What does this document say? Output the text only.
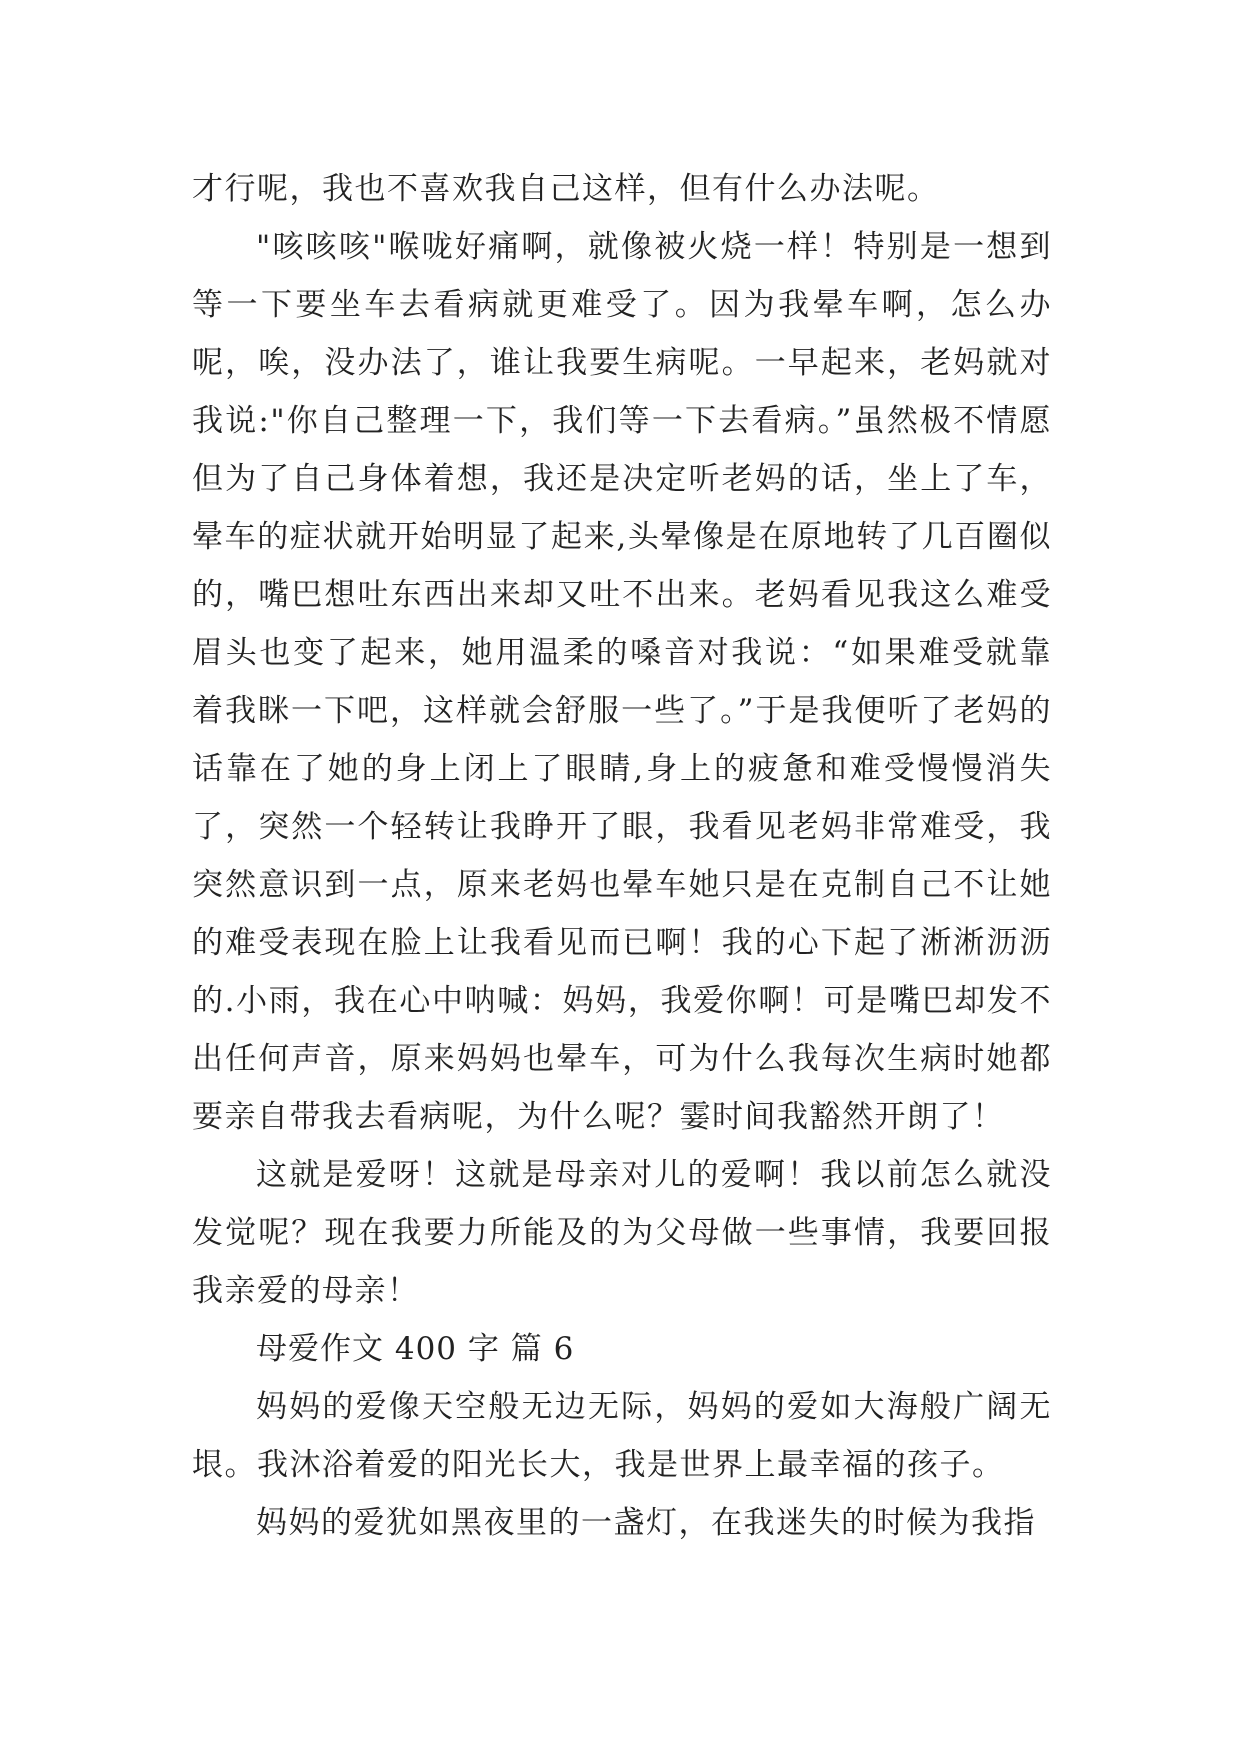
才行呢，我也不喜欢我自己这样，但有什么办法呢。

"咳咳咳"喉咙好痛啊，就像被火烧一样！特别是一想到等一下要坐车去看病就更难受了。因为我晕车啊，怎么办呢，唉，没办法了，谁让我要生病呢。一早起来，老妈就对我说:"你自己整理一下，我们等一下去看病。”虽然极不情愿但为了自己身体着想，我还是决定听老妈的话，坐上了车，晕车的症状就开始明显了起来,头晕像是在原地转了几百圈似的，嘴巴想吐东西出来却又吐不出来。老妈看见我这么难受眉头也变了起来，她用温柔的嗓音对我说：“如果难受就靠着我眯一下吧，这样就会舒服一些了。”于是我便听了老妈的话靠在了她的身上闭上了眼睛,身上的疲惫和难受慢慢消失了，突然一个轻转让我睁开了眼，我看见老妈非常难受，我突然意识到一点，原来老妈也晕车她只是在克制自己不让她的难受表现在脸上让我看见而已啊！我的心下起了淅淅沥沥的.小雨，我在心中呐喊：妈妈，我爱你啊！可是嘴巴却发不出任何声音，原来妈妈也晕车，可为什么我每次生病时她都要亲自带我去看病呢，为什么呢？霎时间我豁然开朗了！

这就是爱呀！这就是母亲对儿的爱啊！我以前怎么就没发觉呢？现在我要力所能及的为父母做一些事情，我要回报我亲爱的母亲！

母爱作文 400 字 篇 6

妈妈的爱像天空般无边无际，妈妈的爱如大海般广阔无垠。我沐浴着爱的阳光长大，我是世界上最幸福的孩子。

妈妈的爱犹如黑夜里的一盏灯，在我迷失的时候为我指
